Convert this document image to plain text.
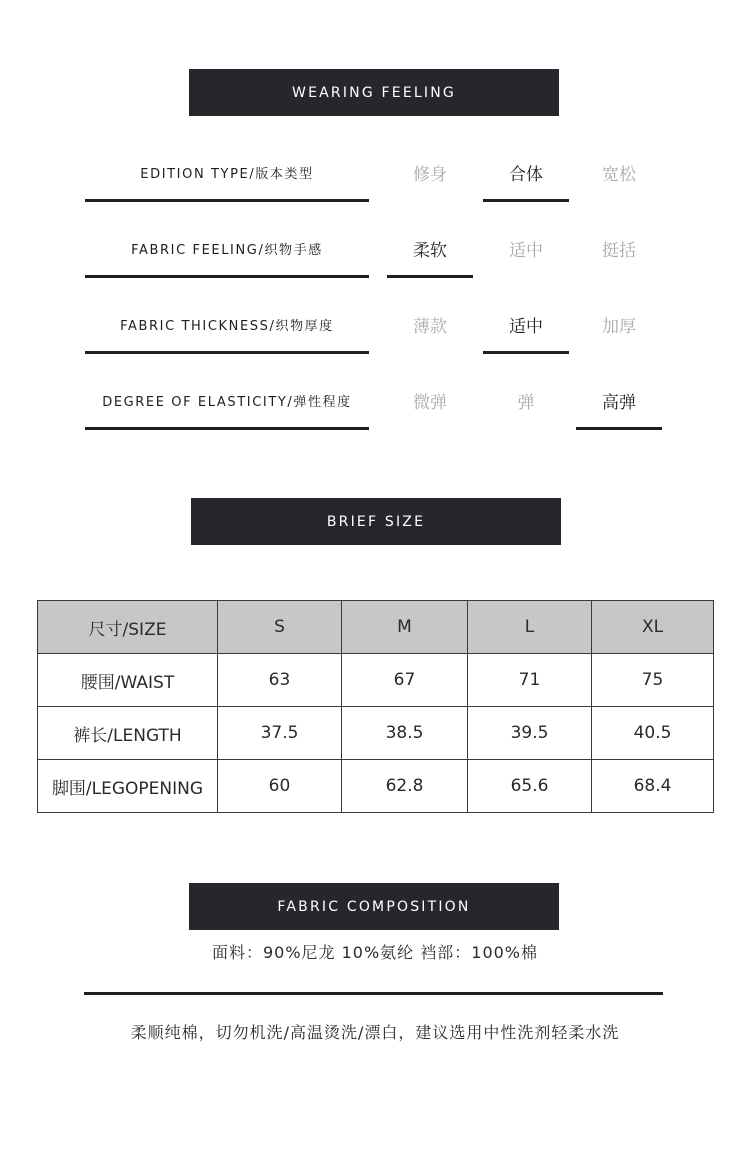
WEARING FEELING
EDITION TYPE/版本类型	修身	合体	宽松
FABRIC FEELING/织物手感	柔软	适中	挺括
FABRIC THICKNESS/织物厚度	薄款	适中	加厚
DEGREE OF ELASTICITY/弹性程度	微弹	弹	高弹
BRIEF SIZE
尺寸/SIZE	S	M	L	XL
腰围/WAIST	63	67	71	75
裤长/LENGTH	37.5	38.5	39.5	40.5
脚围/LEGOPENING	60	62.8	65.6	68.4
FABRIC COMPOSITION
面料：90%尼龙 10%氨纶 裆部：100%棉
柔顺纯棉，切勿机洗/高温烫洗/漂白，建议选用中性洗剂轻柔水洗
